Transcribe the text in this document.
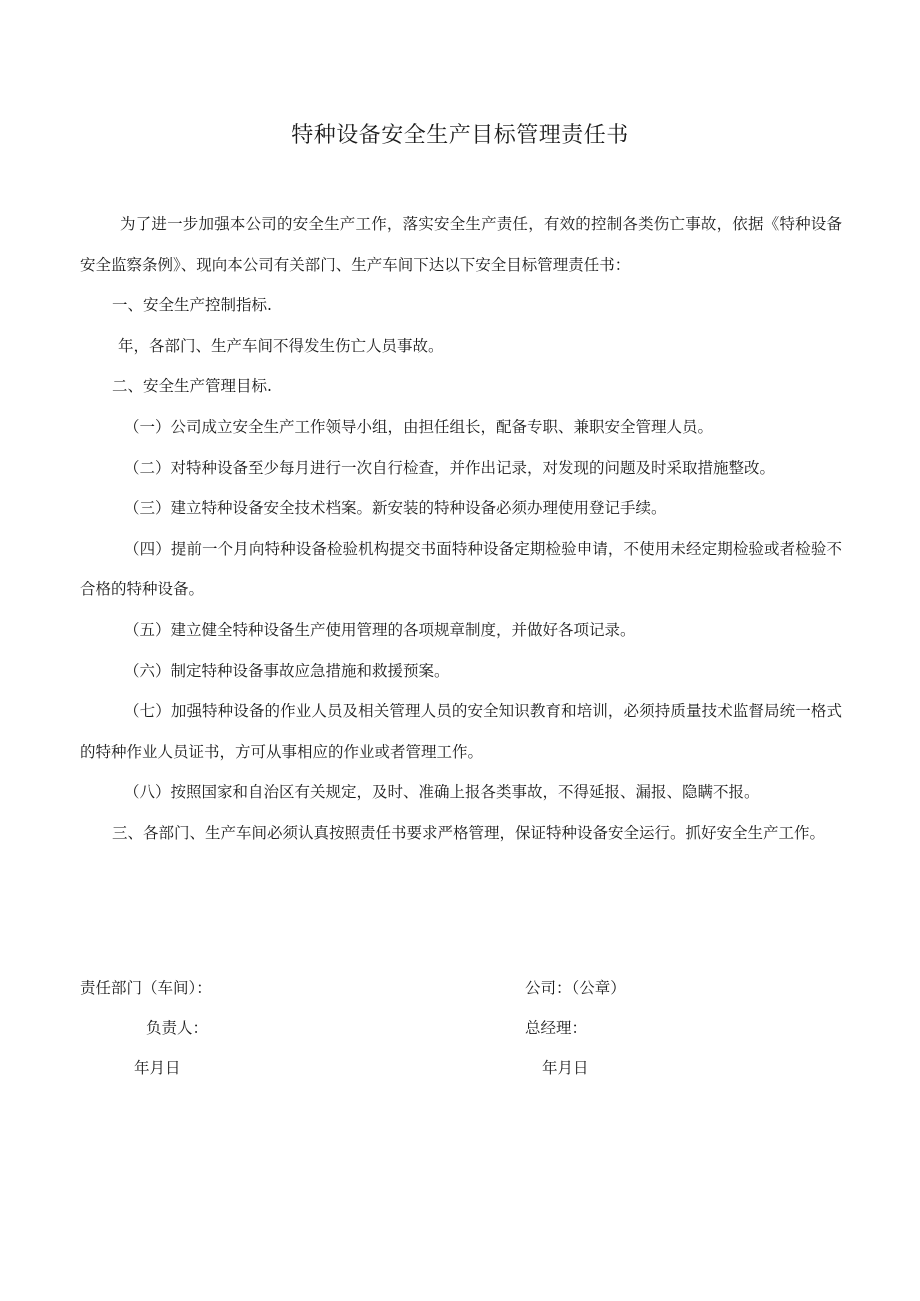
特种设备安全生产目标管理责任书

为了进一步加强本公司的安全生产工作，落实安全生产责任，有效的控制各类伤亡事故，依据《特种设备安全监察条例》、现向本公司有关部门、生产车间下达以下安全目标管理责任书：

一、安全生产控制指标.

年，各部门、生产车间不得发生伤亡人员事故。

二、安全生产管理目标.

（一）公司成立安全生产工作领导小组，由担任组长，配备专职、兼职安全管理人员。

（二）对特种设备至少每月进行一次自行检查，并作出记录，对发现的问题及时采取措施整改。

（三）建立特种设备安全技术档案。新安装的特种设备必须办理使用登记手续。

（四）提前一个月向特种设备检验机构提交书面特种设备定期检验申请，不使用未经定期检验或者检验不合格的特种设备。

（五）建立健全特种设备生产使用管理的各项规章制度，并做好各项记录。

（六）制定特种设备事故应急措施和救援预案。

（七）加强特种设备的作业人员及相关管理人员的安全知识教育和培训，必须持质量技术监督局统一格式的特种作业人员证书，方可从事相应的作业或者管理工作。

（八）按照国家和自治区有关规定，及时、准确上报各类事故，不得延报、漏报、隐瞒不报。

三、各部门、生产车间必须认真按照责任书要求严格管理，保证特种设备安全运行。抓好安全生产工作。

责任部门（车间）：
负责人：
年月日
公司：（公章）
总经理：
年月日
